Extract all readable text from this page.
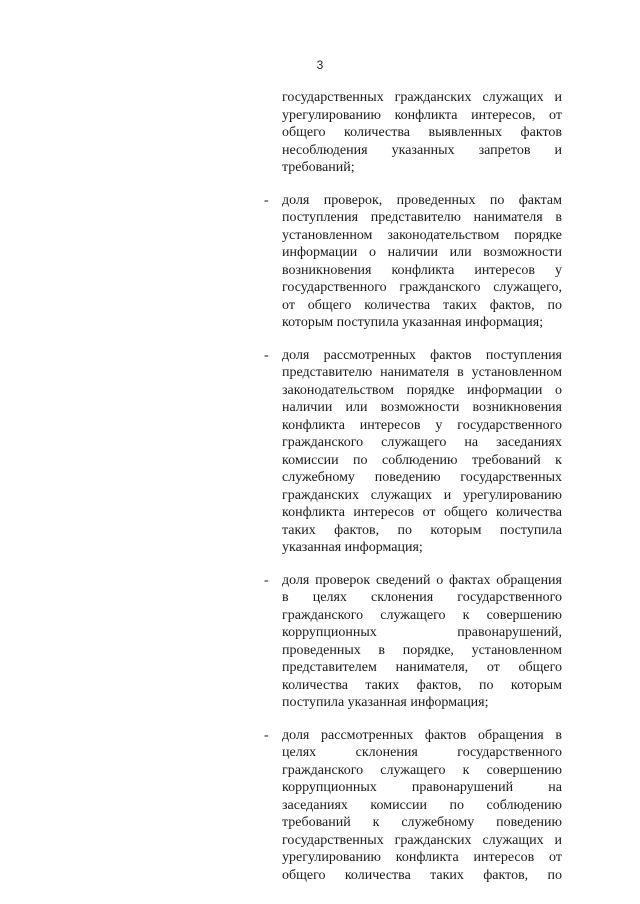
3
государственных гражданских служащих и
урегулированию конфликта интересов, от
общего количества выявленных фактов
несоблюдения указанных запретов и
требований;
- доля проверок, проведенных по фактам
поступления представителю нанимателя в
установленном законодательством порядке
информации о наличии или возможности
возникновения конфликта интересов у
государственного гражданского служащего,
от общего количества таких фактов, по
которым поступила указанная информация;
- доля рассмотренных фактов поступления
представителю нанимателя в установленном
законодательством порядке информации о
наличии или возможности возникновения
конфликта интересов у государственного
гражданского служащего на заседаниях
комиссии по соблюдению требований к
служебному поведению государственных
гражданских служащих и урегулированию
конфликта интересов от общего количества
таких фактов, по которым поступила
указанная информация;
- доля проверок сведений о фактах обращения
в целях склонения государственного
гражданского служащего к совершению
коррупционных правонарушений,
проведенных в порядке, установленном
представителем нанимателя, от общего
количества таких фактов, по которым
поступила указанная информация;
- доля рассмотренных фактов обращения в
целях склонения государственного
гражданского служащего к совершению
коррупционных правонарушений на
заседаниях комиссии по соблюдению
требований к служебному поведению
государственных гражданских служащих и
урегулированию конфликта интересов от
общего количества таких фактов, по
